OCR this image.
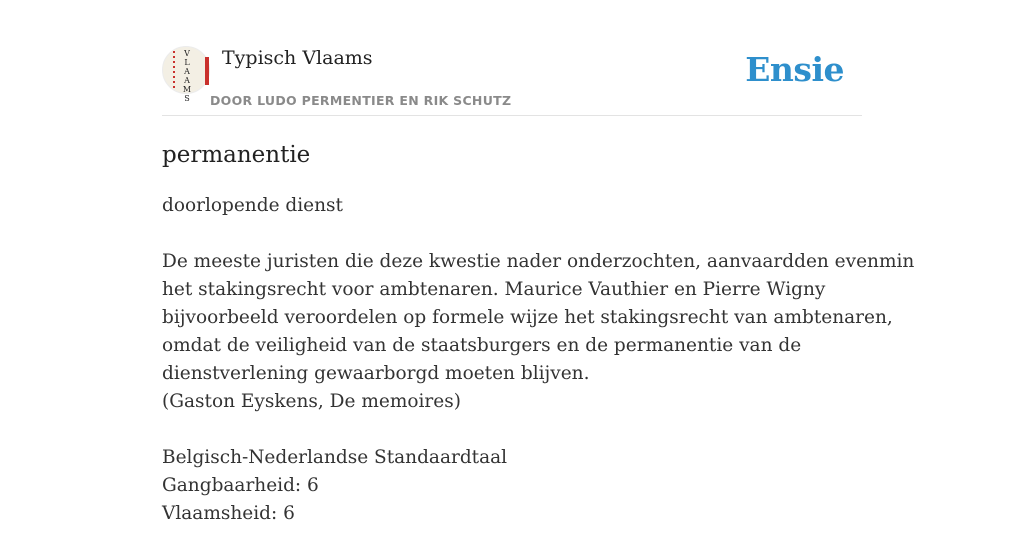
V
L
A
A
M
S
Typisch Vlaams
DOOR LUDO PERMENTIER EN RIK SCHUTZ
Ensie
permanentie

doorlopende dienst

De meeste juristen die deze kwestie nader onderzochten, aanvaardden evenmin
het stakingsrecht voor ambtenaren. Maurice Vauthier en Pierre Wigny
bijvoorbeeld veroordelen op formele wijze het stakingsrecht van ambtenaren,
omdat de veiligheid van de staatsburgers en de permanentie van de
dienstverlening gewaarborgd moeten blijven.
(Gaston Eyskens, De memoires)

Belgisch-Nederlandse Standaardtaal
Gangbaarheid: 6
Vlaamsheid: 6
